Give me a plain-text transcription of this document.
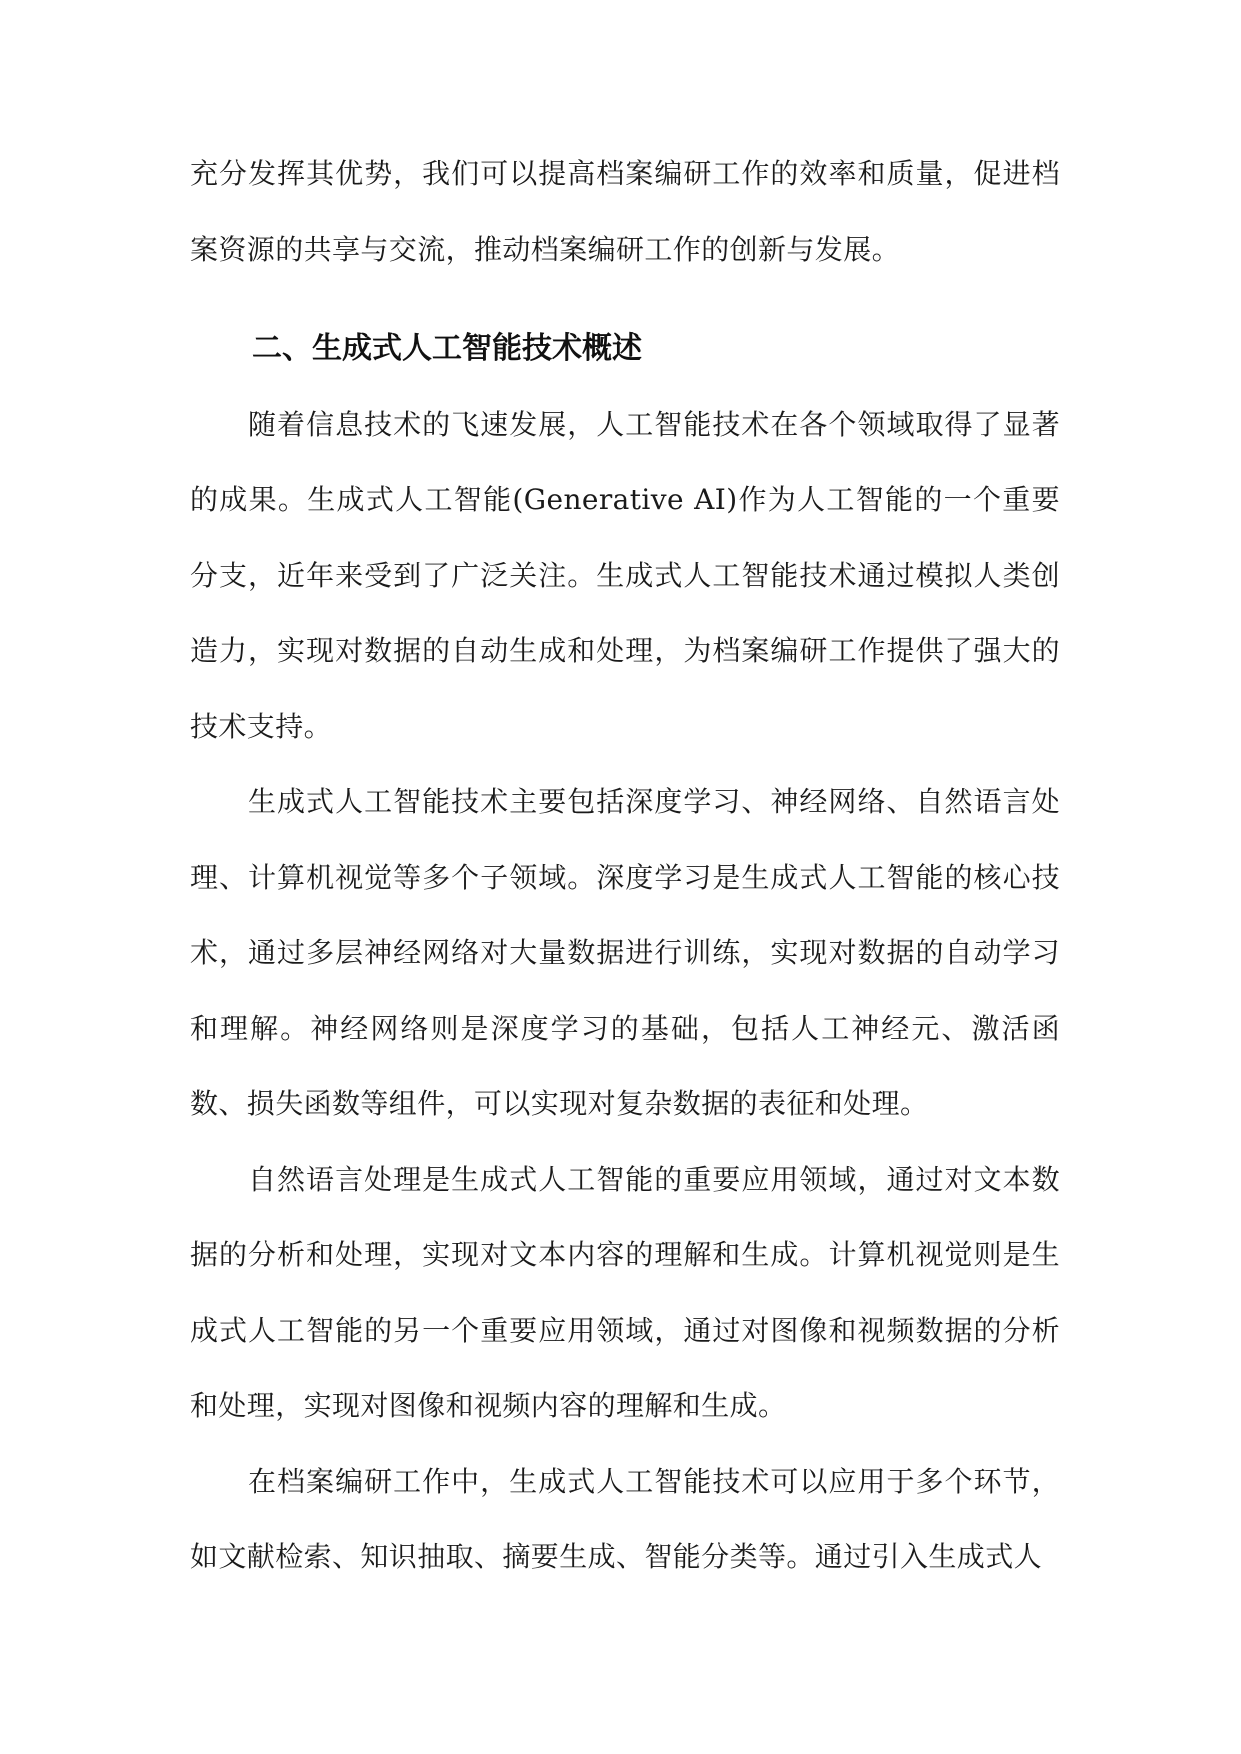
充分发挥其优势，我们可以提高档案编研工作的效率和质量，促进档案资源的共享与交流，推动档案编研工作的创新与发展。

二、生成式人工智能技术概述

随着信息技术的飞速发展，人工智能技术在各个领域取得了显著的成果。生成式人工智能(Generative AI)作为人工智能的一个重要分支，近年来受到了广泛关注。生成式人工智能技术通过模拟人类创造力，实现对数据的自动生成和处理，为档案编研工作提供了强大的技术支持。

生成式人工智能技术主要包括深度学习、神经网络、自然语言处理、计算机视觉等多个子领域。深度学习是生成式人工智能的核心技术，通过多层神经网络对大量数据进行训练，实现对数据的自动学习和理解。神经网络则是深度学习的基础，包括人工神经元、激活函数、损失函数等组件，可以实现对复杂数据的表征和处理。

自然语言处理是生成式人工智能的重要应用领域，通过对文本数据的分析和处理，实现对文本内容的理解和生成。计算机视觉则是生成式人工智能的另一个重要应用领域，通过对图像和视频数据的分析和处理，实现对图像和视频内容的理解和生成。

在档案编研工作中，生成式人工智能技术可以应用于多个环节，如文献检索、知识抽取、摘要生成、智能分类等。通过引入生成式人
